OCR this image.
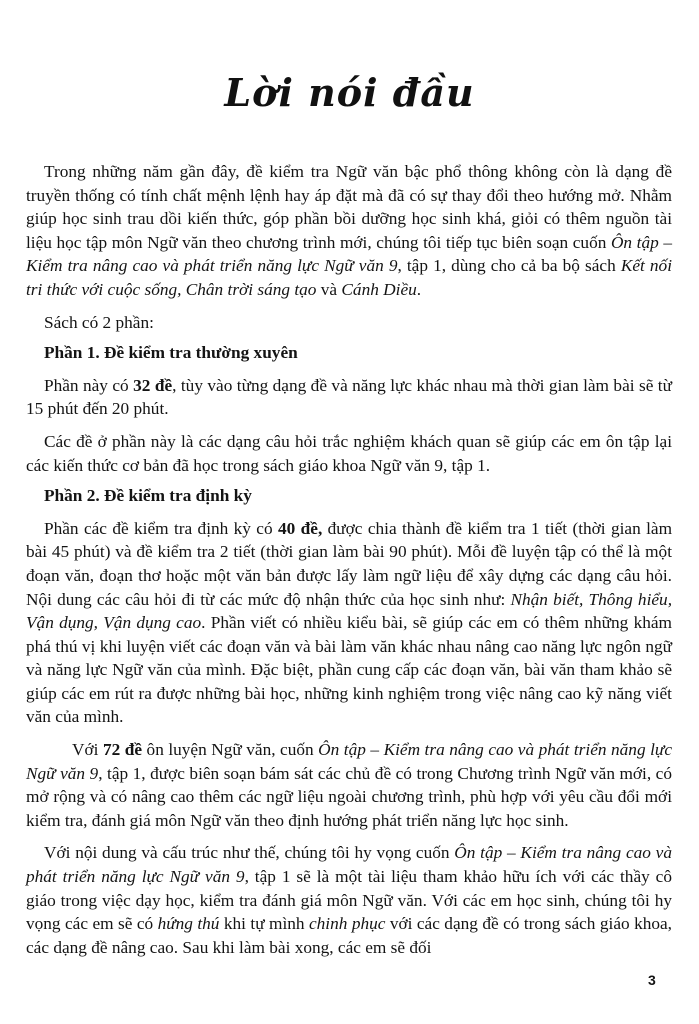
Lời nói đầu

Trong những năm gần đây, đề kiểm tra Ngữ văn bậc phổ thông không còn là dạng đề truyền thống có tính chất mệnh lệnh hay áp đặt mà đã có sự thay đổi theo hướng mở. Nhằm giúp học sinh trau dồi kiến thức, góp phần bồi dưỡng học sinh khá, giỏi có thêm nguồn tài liệu học tập môn Ngữ văn theo chương trình mới, chúng tôi tiếp tục biên soạn cuốn Ôn tập – Kiểm tra nâng cao và phát triển năng lực Ngữ văn 9, tập 1, dùng cho cả ba bộ sách Kết nối tri thức với cuộc sống, Chân trời sáng tạo và Cánh Diều.

Sách có 2 phần:

Phần 1. Đề kiểm tra thường xuyên

Phần này có 32 đề, tùy vào từng dạng đề và năng lực khác nhau mà thời gian làm bài sẽ từ 15 phút đến 20 phút.

Các đề ở phần này là các dạng câu hỏi trắc nghiệm khách quan sẽ giúp các em ôn tập lại các kiến thức cơ bản đã học trong sách giáo khoa Ngữ văn 9, tập 1.

Phần 2. Đề kiểm tra định kỳ

Phần các đề kiểm tra định kỳ có 40 đề, được chia thành đề kiểm tra 1 tiết (thời gian làm bài 45 phút) và đề kiểm tra 2 tiết (thời gian làm bài 90 phút). Mỗi đề luyện tập có thể là một đoạn văn, đoạn thơ hoặc một văn bản được lấy làm ngữ liệu để xây dựng các dạng câu hỏi. Nội dung các câu hỏi đi từ các mức độ nhận thức của học sinh như: Nhận biết, Thông hiểu, Vận dụng, Vận dụng cao. Phần viết có nhiều kiểu bài, sẽ giúp các em có thêm những khám phá thú vị khi luyện viết các đoạn văn và bài làm văn khác nhau nâng cao năng lực ngôn ngữ và năng lực Ngữ văn của mình. Đặc biệt, phần cung cấp các đoạn văn, bài văn tham khảo sẽ giúp các em rút ra được những bài học, những kinh nghiệm trong việc nâng cao kỹ năng viết văn của mình.

Với 72 đề ôn luyện Ngữ văn, cuốn Ôn tập – Kiểm tra nâng cao và phát triển năng lực Ngữ văn 9, tập 1, được biên soạn bám sát các chủ đề có trong Chương trình Ngữ văn mới, có mở rộng và có nâng cao thêm các ngữ liệu ngoài chương trình, phù hợp với yêu cầu đổi mới kiểm tra, đánh giá môn Ngữ văn theo định hướng phát triển năng lực học sinh.

Với nội dung và cấu trúc như thế, chúng tôi hy vọng cuốn Ôn tập – Kiểm tra nâng cao và phát triển năng lực Ngữ văn 9, tập 1 sẽ là một tài liệu tham khảo hữu ích với các thầy cô giáo trong việc dạy học, kiểm tra đánh giá môn Ngữ văn. Với các em học sinh, chúng tôi hy vọng các em sẽ có hứng thú khi tự mình chinh phục với các dạng đề có trong sách giáo khoa, các dạng đề nâng cao. Sau khi làm bài xong, các em sẽ đối

3
